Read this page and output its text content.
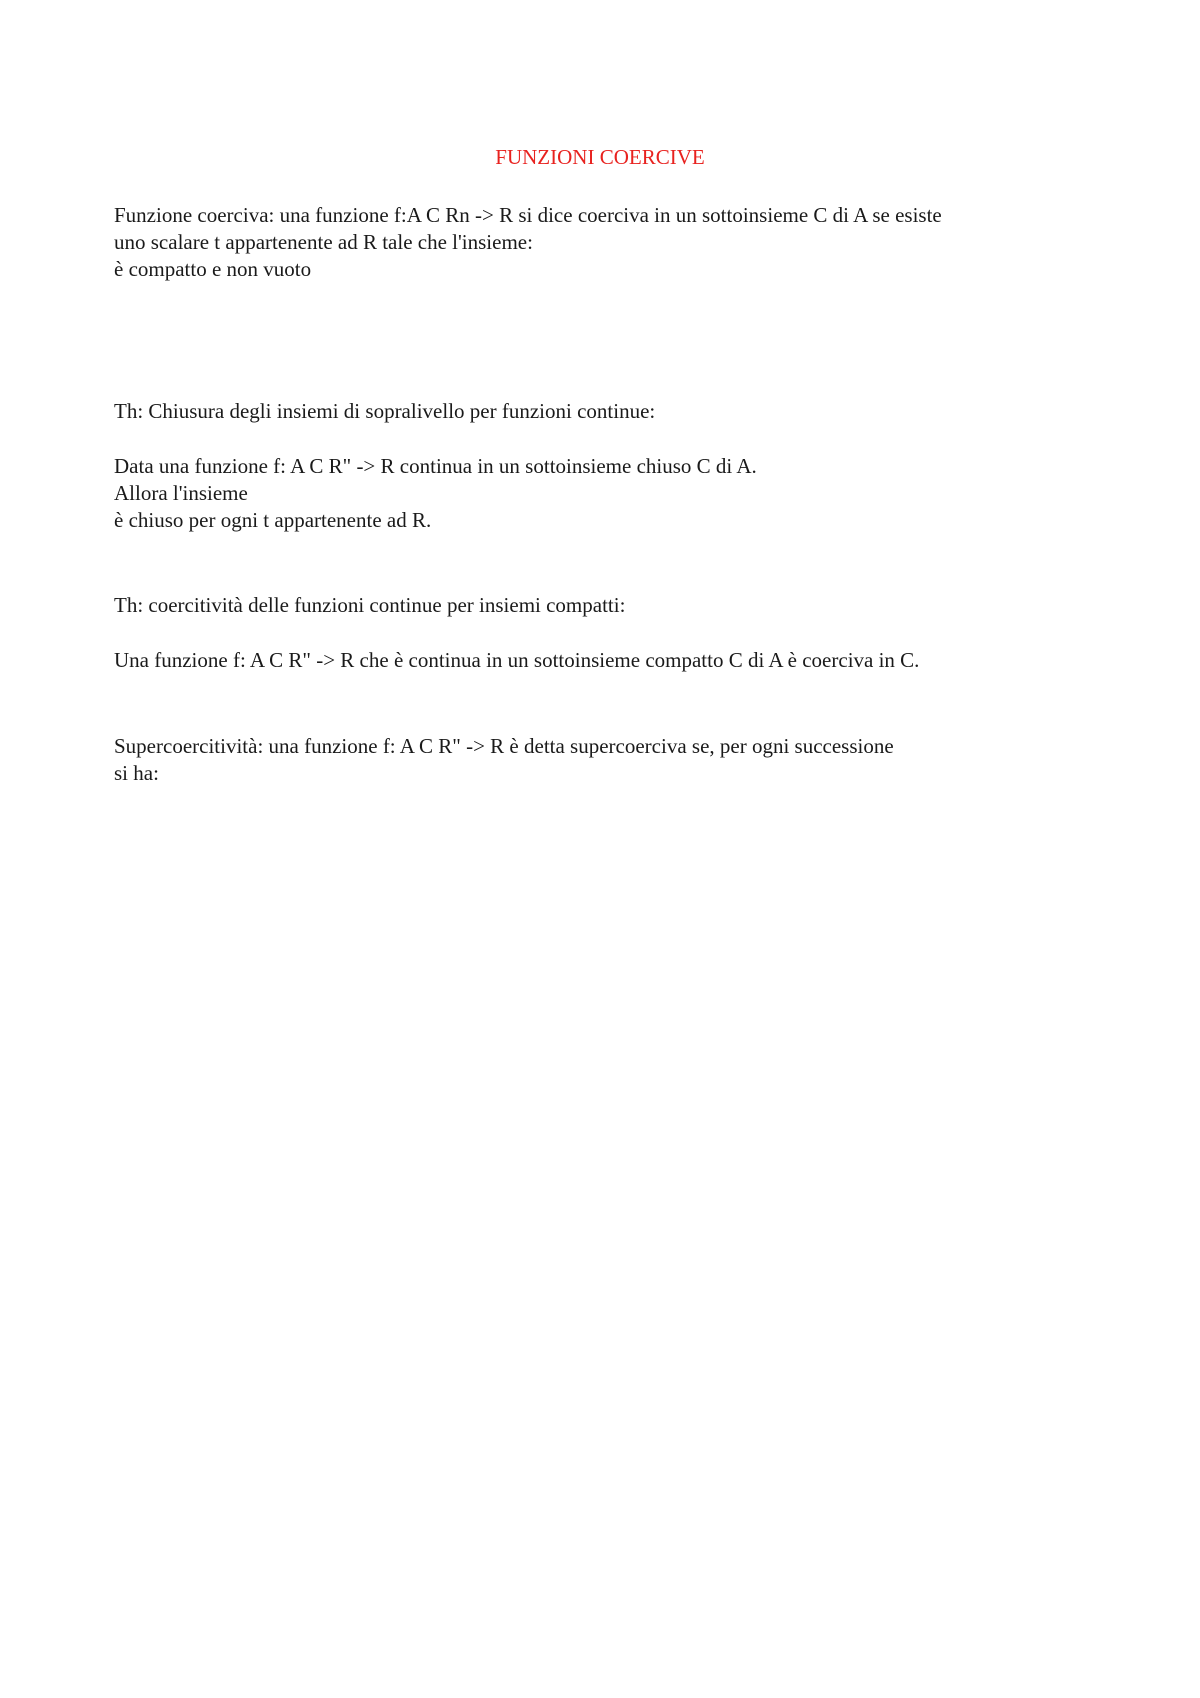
FUNZIONI COERCIVE
Funzione coerciva: una funzione f:A C Rn -> R si dice coerciva in un sottoinsieme C di A se esiste
uno scalare t appartenente ad R tale che l'insieme:
è compatto e non vuoto
Th: Chiusura degli insiemi di sopralivello per funzioni continue:
Data una funzione f: A C R" -> R continua in un sottoinsieme chiuso C di A.
Allora l'insieme
è chiuso per ogni t appartenente ad R.
Th: coercitività delle funzioni continue per insiemi compatti:
Una funzione f: A C R" -> R che è continua in un sottoinsieme compatto C di A è coerciva in C.
Supercoercitività: una funzione f: A C R" -> R è detta supercoerciva se, per ogni successione
si ha:
